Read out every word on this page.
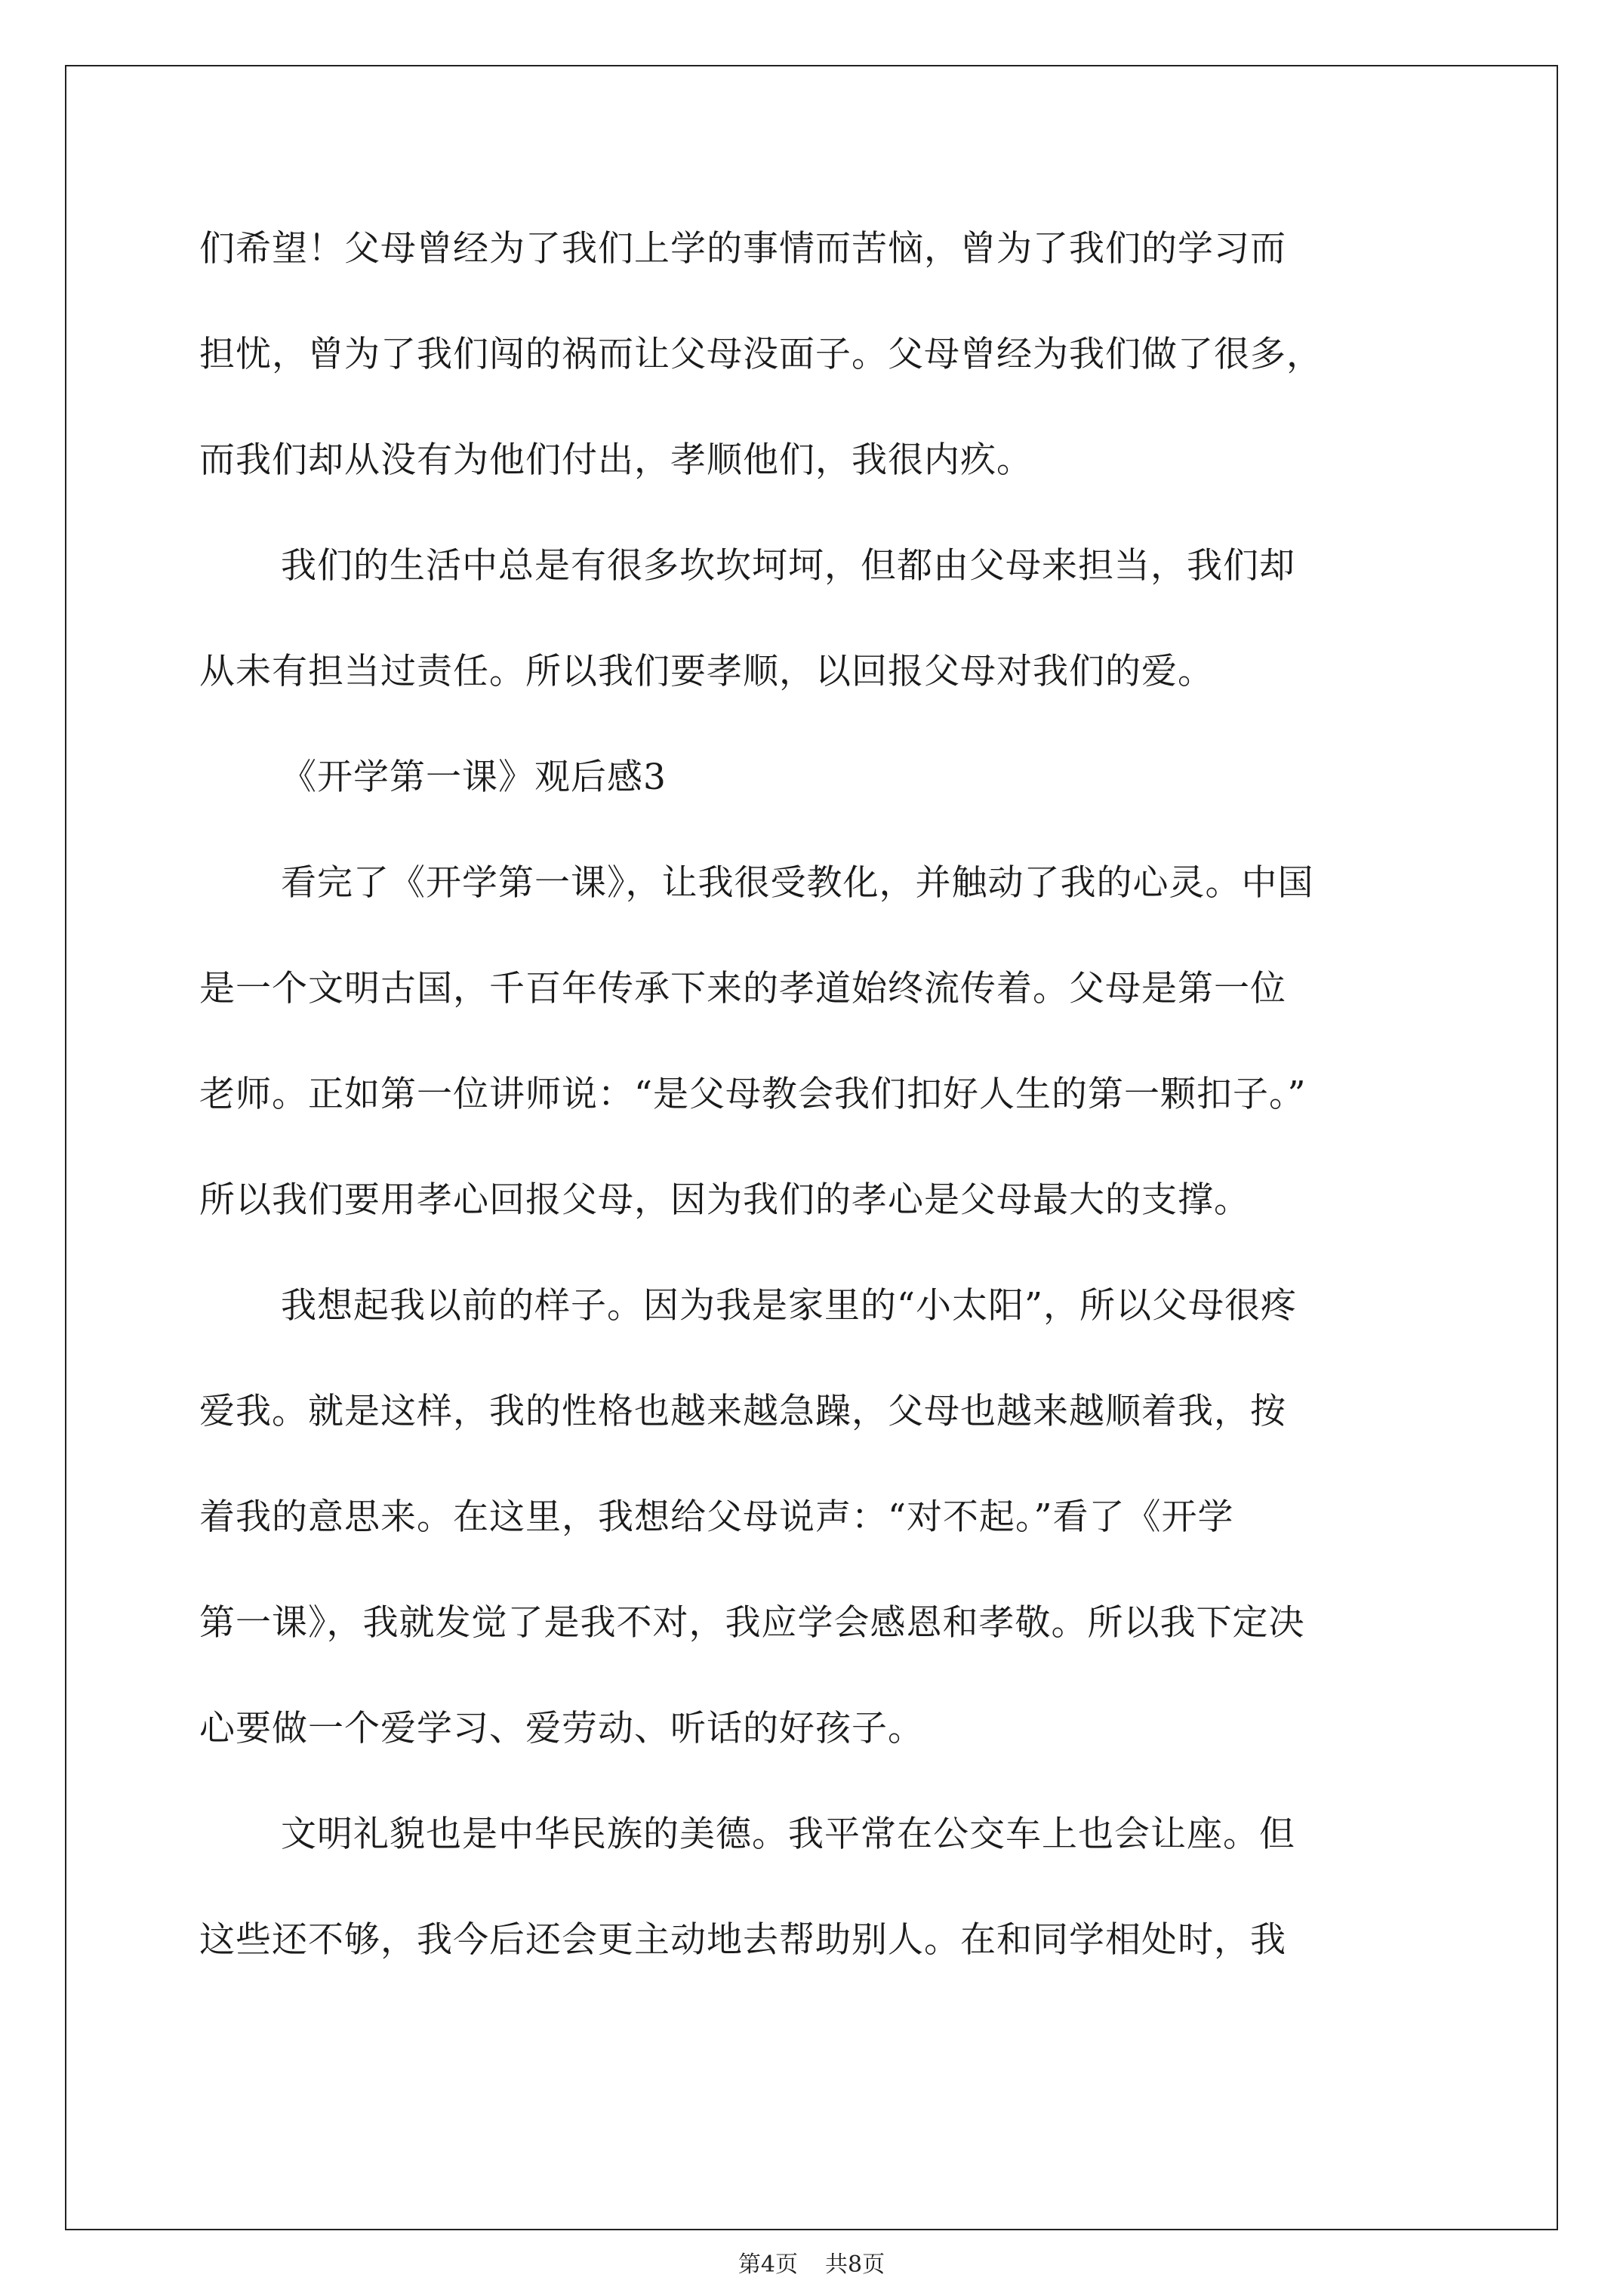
们希望！父母曾经为了我们上学的事情而苦恼，曾为了我们的学习而
担忧，曾为了我们闯的祸而让父母没面子。父母曾经为我们做了很多，
而我们却从没有为他们付出，孝顺他们，我很内疚。
我们的生活中总是有很多坎坎坷坷，但都由父母来担当，我们却
从未有担当过责任。所以我们要孝顺，以回报父母对我们的爱。
《开学第一课》观后感3
看完了《开学第一课》，让我很受教化，并触动了我的心灵。中国
是一个文明古国，千百年传承下来的孝道始终流传着。父母是第一位
老师。正如第一位讲师说：“是父母教会我们扣好人生的第一颗扣子。”
所以我们要用孝心回报父母，因为我们的孝心是父母最大的支撑。
我想起我以前的样子。因为我是家里的“小太阳”，所以父母很疼
爱我。就是这样，我的性格也越来越急躁，父母也越来越顺着我，按
着我的意思来。在这里，我想给父母说声：“对不起。”看了《开学
第一课》，我就发觉了是我不对，我应学会感恩和孝敬。所以我下定决
心要做一个爱学习、爱劳动、听话的好孩子。
文明礼貌也是中华民族的美德。我平常在公交车上也会让座。但
这些还不够，我今后还会更主动地去帮助别人。在和同学相处时，我
第4页 共8页
